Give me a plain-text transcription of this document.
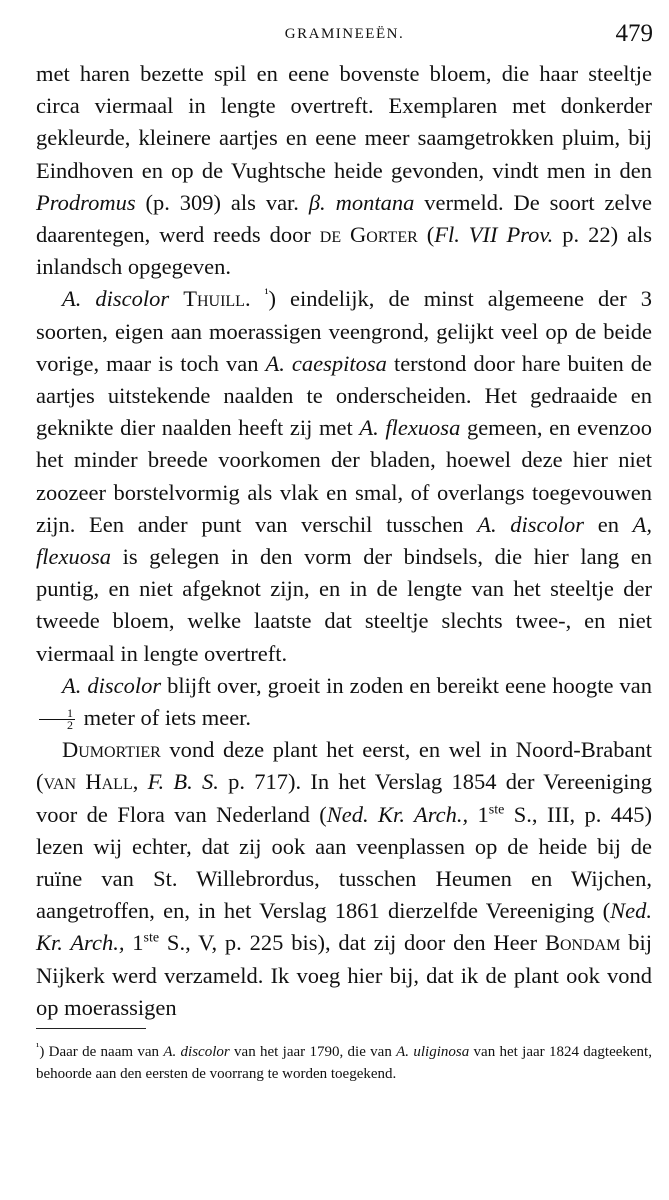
GRAMINEEËN.	479

met haren bezette spil en eene bovenste bloem, die haar steeltje circa viermaal in lengte overtreft. Exemplaren met donkerder gekleurde, kleinere aartjes en eene meer saamgetrokken pluim, bij Eindhoven en op de Vughtsche heide gevonden, vindt men in den Prodromus (p. 309) als var. β. montana vermeld. De soort zelve daarentegen, werd reeds door de Gorter (Fl. VII Prov. p. 22) als inlandsch opgegeven.

A. discolor Thuill. $^{^1}$) eindelijk, de minst algemeene der 3 soorten, eigen aan moerassigen veengrond, gelijkt veel op de beide vorige, maar is toch van A. caespitosa terstond door hare buiten de aartjes uitstekende naalden te onderscheiden. Het gedraaide en geknikte dier naalden heeft zij met A. flexuosa gemeen, en evenzoo het minder breede voorkomen der bladen, hoewel deze hier niet zoozeer borstelvormig als vlak en smal, of overlangs toegevouwen zijn. Een ander punt van verschil tusschen A. discolor en A, flexuosa is gelegen in den vorm der bindsels, die hier lang en puntig, en niet afgeknot zijn, en in de lengte van het steeltje der tweede bloem, welke laatste dat steeltje slechts twee-, en niet viermaal in lengte overtreft.

A. discolor blijft over, groeit in zoden en bereikt eene hoogte van
$\frac{1}{2}$ meter of iets meer.

Dumortier vond deze plant het eerst, en wel in Noord-Brabant (van Hall, F. B. S. p. 717). In het Verslag 1854 der Vereeniging voor de Flora van Nederland (Ned. Kr. Arch., 1ste S., III, p. 445) lezen wij echter, dat zij ook aan veenplassen op de heide bij de ruïne van St. Willebrordus, tusschen Heumen en Wijchen, aangetroffen, en, in het Verslag 1861 dierzelfde Vereeniging (Ned. Kr. Arch., 1ste S., V, p. 225 bis), dat zij door den Heer Bondam bij Nijkerk werd verzameld. Ik voeg hier bij, dat ik de plant ook vond op moerassigen

$^{^1}$) Daar de naam van A. discolor van het jaar 1790, die van A. uliginosa van het jaar 1824 dagteekent, behoorde aan den eersten de voorrang te worden toegekend.
